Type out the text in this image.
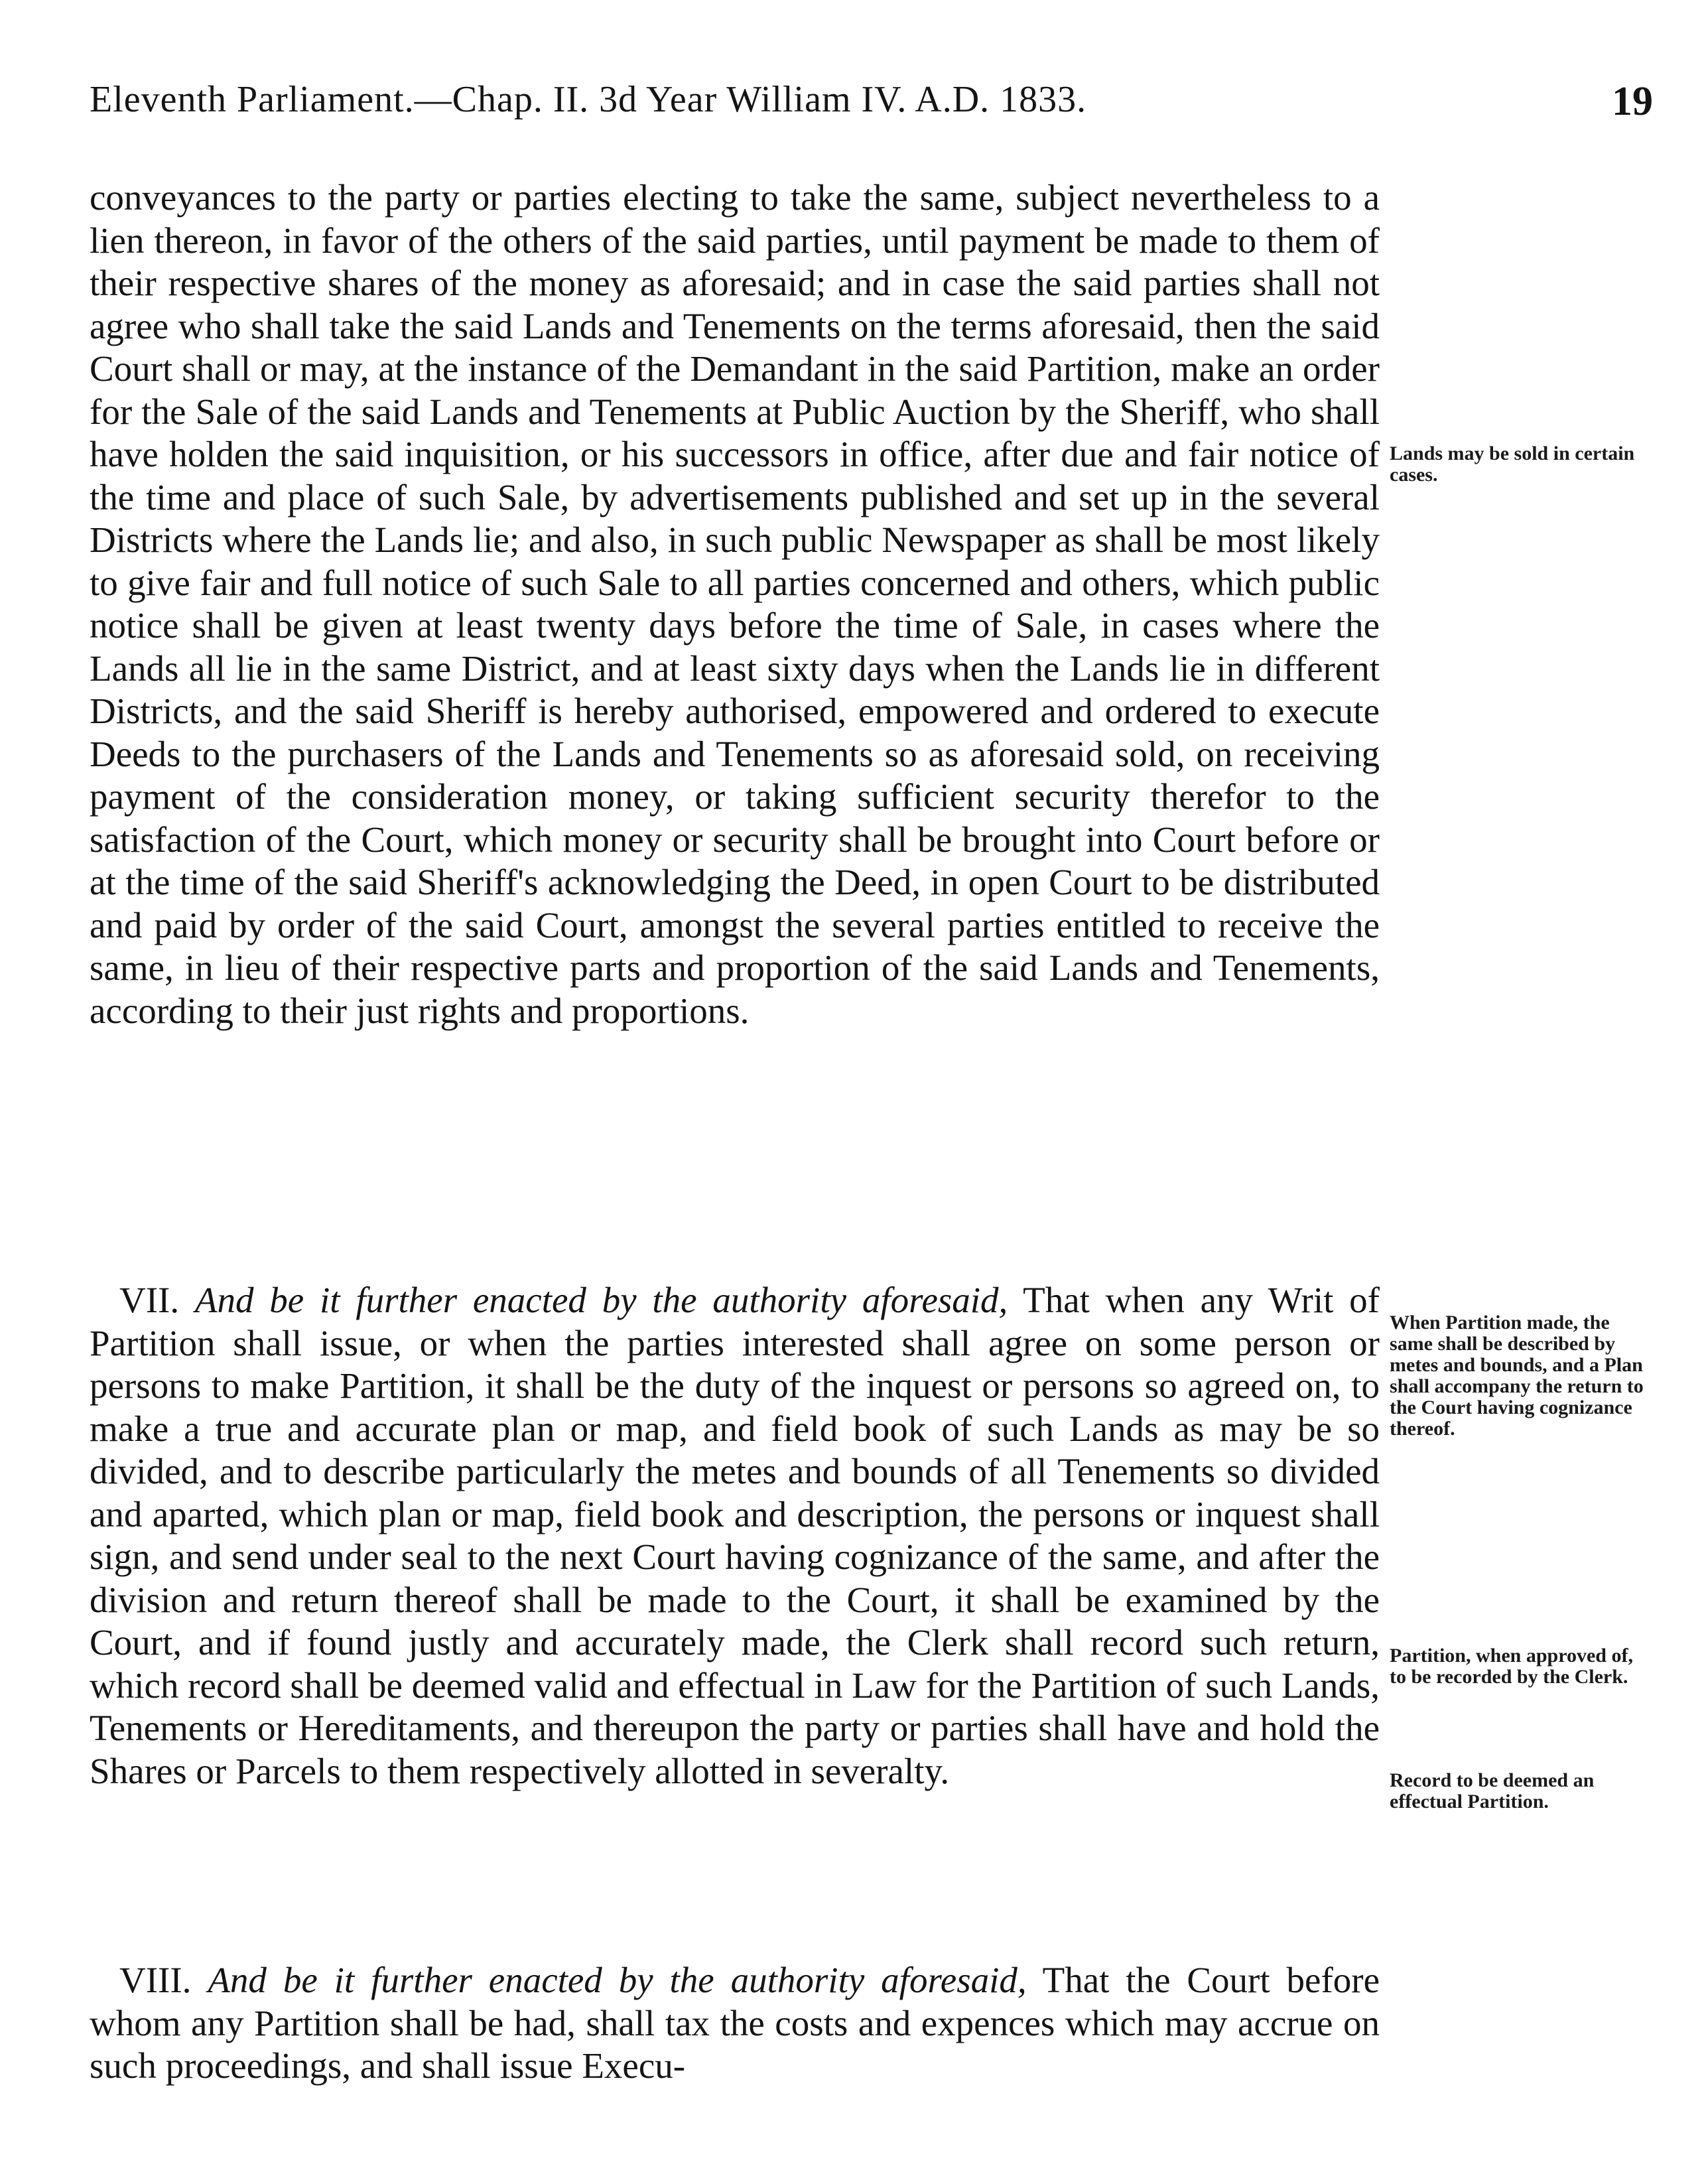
Eleventh Parliament.—Chap. II. 3d Year William IV. A.D. 1833.	19

conveyances to the party or parties electing to take the same, subject nevertheless to a lien thereon, in favor of the others of the said parties, until payment be made to them of their respective shares of the money as aforesaid; and in case the said parties shall not agree who shall take the said Lands and Tenements on the terms aforesaid, then the said Court shall or may, at the instance of the Demandant in the said Partition, make an order for the Sale of the said Lands and Tenements at Public Auction by the Sheriff, who shall have holden the said inquisition, or his successors in office, after due and fair notice of the time and place of such Sale, by advertisements published and set up in the several Districts where the Lands lie; and also, in such public Newspaper as shall be most likely to give fair and full notice of such Sale to all parties concerned and others, which public notice shall be given at least twenty days before the time of Sale, in cases where the Lands all lie in the same District, and at least sixty days when the Lands lie in different Districts, and the said Sheriff is hereby authorised, empowered and ordered to execute Deeds to the purchasers of the Lands and Tenements so as aforesaid sold, on receiving payment of the consideration money, or taking sufficient security therefor to the satisfaction of the Court, which money or security shall be brought into Court before or at the time of the said Sheriff's acknowledging the Deed, in open Court to be distributed and paid by order of the said Court, amongst the several parties entitled to receive the same, in lieu of their respective parts and proportion of the said Lands and Tenements, according to their just rights and proportions.

VII. And be it further enacted by the authority aforesaid, That when any Writ of Partition shall issue, or when the parties interested shall agree on some person or persons to make Partition, it shall be the duty of the inquest or persons so agreed on, to make a true and accurate plan or map, and field book of such Lands as may be so divided, and to describe particularly the metes and bounds of all Tenements so divided and aparted, which plan or map, field book and description, the persons or inquest shall sign, and send under seal to the next Court having cognizance of the same, and after the division and return thereof shall be made to the Court, it shall be examined by the Court, and if found justly and accurately made, the Clerk shall record such return, which record shall be deemed valid and effectual in Law for the Partition of such Lands, Tenements or Hereditaments, and thereupon the party or parties shall have and hold the Shares or Parcels to them respectively allotted in severalty.

VIII. And be it further enacted by the authority aforesaid, That the Court before whom any Partition shall be had, shall tax the costs and expences which may accrue on such proceedings, and shall issue Execu-

Lands may be sold in certain cases.
When Partition made, the same shall be described by metes and bounds, and a Plan shall accompany the return to the Court having cognizance thereof.
Partition, when approved of, to be recorded by the Clerk.
Record to be deemed an effectual Partition.
